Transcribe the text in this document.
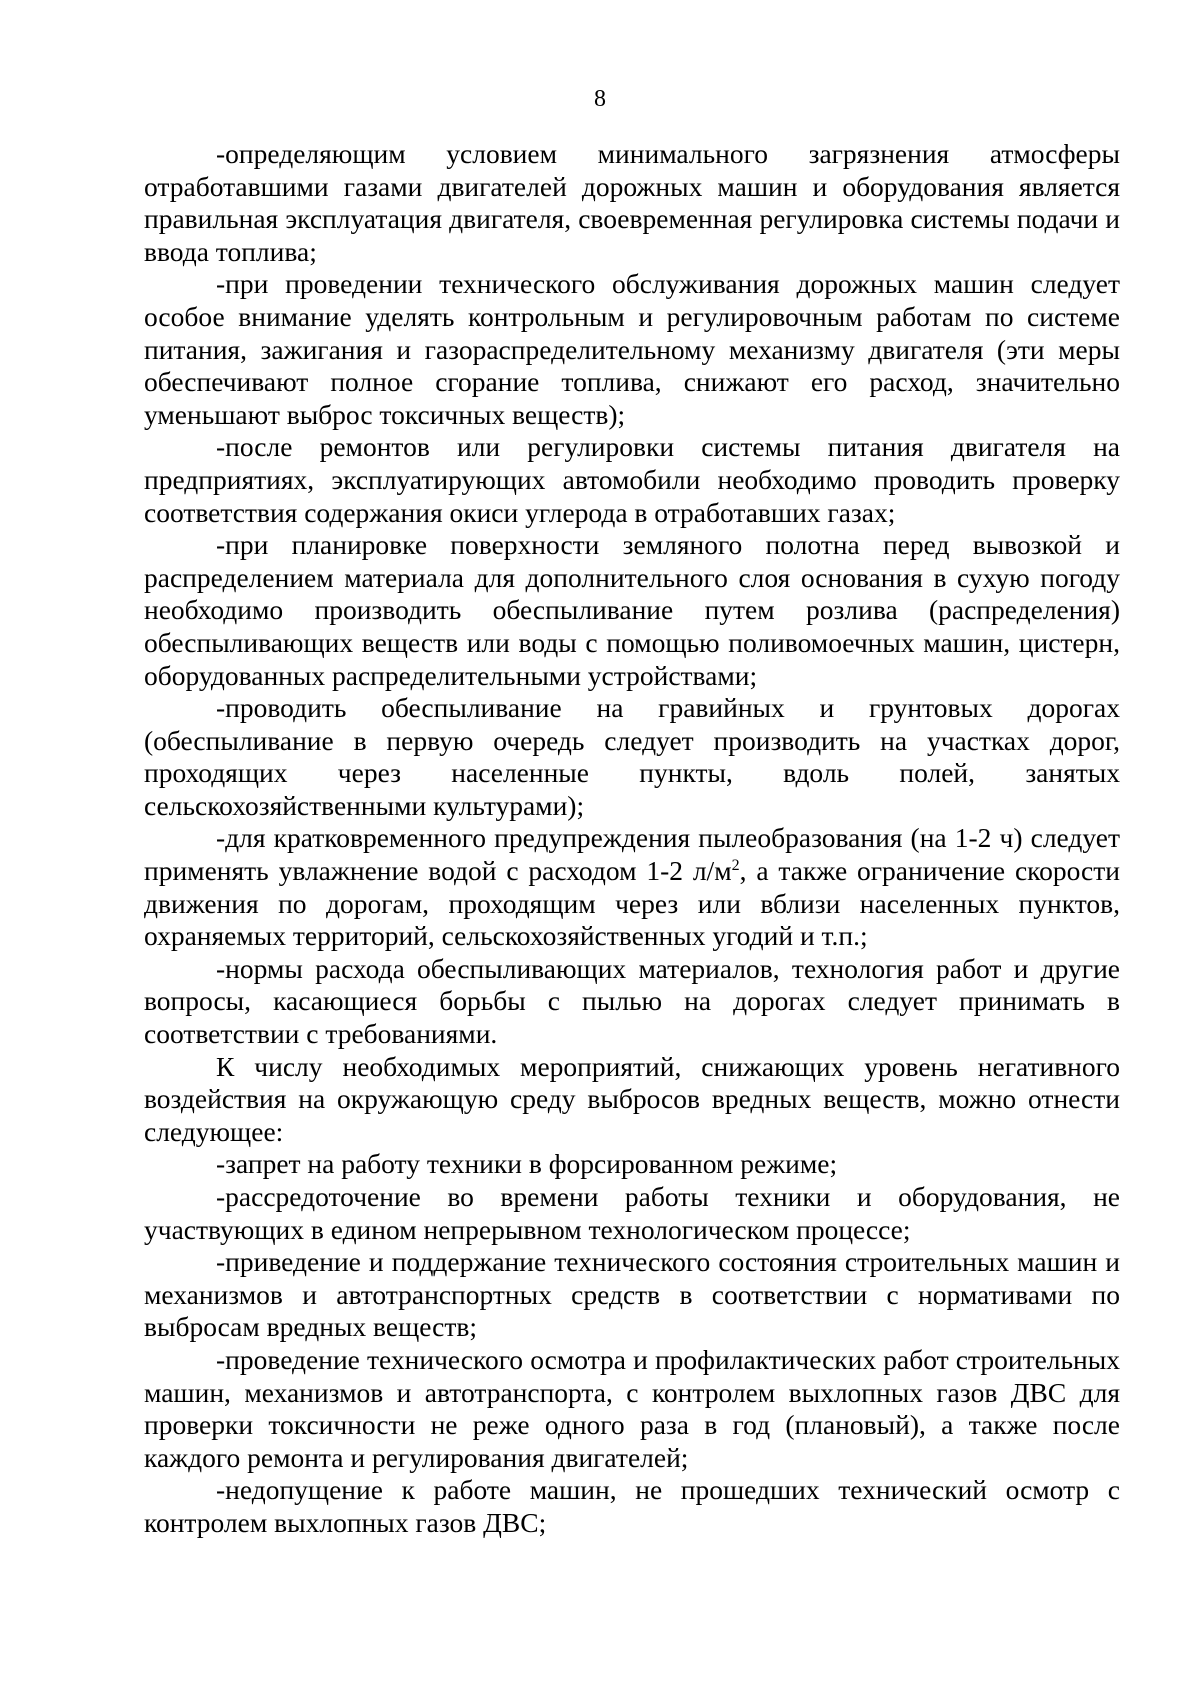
8

-определяющим условием минимального загрязнения атмосферы отработавшими газами двигателей дорожных машин и оборудования является правильная эксплуатация двигателя, своевременная регулировка системы подачи и ввода топлива;

-при проведении технического обслуживания дорожных машин следует особое внимание уделять контрольным и регулировочным работам по системе питания, зажигания и газораспределительному механизму двигателя (эти меры обеспечивают полное сгорание топлива, снижают его расход, значительно уменьшают выброс токсичных веществ);

-после ремонтов или регулировки системы питания двигателя на предприятиях, эксплуатирующих автомобили необходимо проводить проверку соответствия содержания окиси углерода в отработавших газах;

-при планировке поверхности земляного полотна перед вывозкой и распределением материала для дополнительного слоя основания в сухую погоду необходимо производить обеспыливание путем розлива (распределения) обеспыливающих веществ или воды с помощью поливомоечных машин, цистерн, оборудованных распределительными устройствами;

-проводить обеспыливание на гравийных и грунтовых дорогах (обеспыливание в первую очередь следует производить на участках дорог, проходящих через населенные пункты, вдоль полей, занятых сельскохозяйственными культурами);

-для кратковременного предупреждения пылеобразования (на 1-2 ч) следует применять увлажнение водой с расходом 1-2 $л/м^2$, а также ограничение скорости движения по дорогам, проходящим через или вблизи населенных пунктов, охраняемых территорий, сельскохозяйственных угодий и т.п.;

-нормы расхода обеспыливающих материалов, технология работ и другие вопросы, касающиеся борьбы с пылью на дорогах следует принимать в соответствии с требованиями.

К числу необходимых мероприятий, снижающих уровень негативного воздействия на окружающую среду выбросов вредных веществ, можно отнести следующее:

-запрет на работу техники в форсированном режиме;

-рассредоточение во времени работы техники и оборудования, не участвующих в едином непрерывном технологическом процессе;

-приведение и поддержание технического состояния строительных машин и механизмов и автотранспортных средств в соответствии с нормативами по выбросам вредных веществ;

-проведение технического осмотра и профилактических работ строительных машин, механизмов и автотранспорта, с контролем выхлопных газов ДВС для проверки токсичности не реже одного раза в год (плановый), а также после каждого ремонта и регулирования двигателей;

-недопущение к работе машин, не прошедших технический осмотр с контролем выхлопных газов ДВС;
